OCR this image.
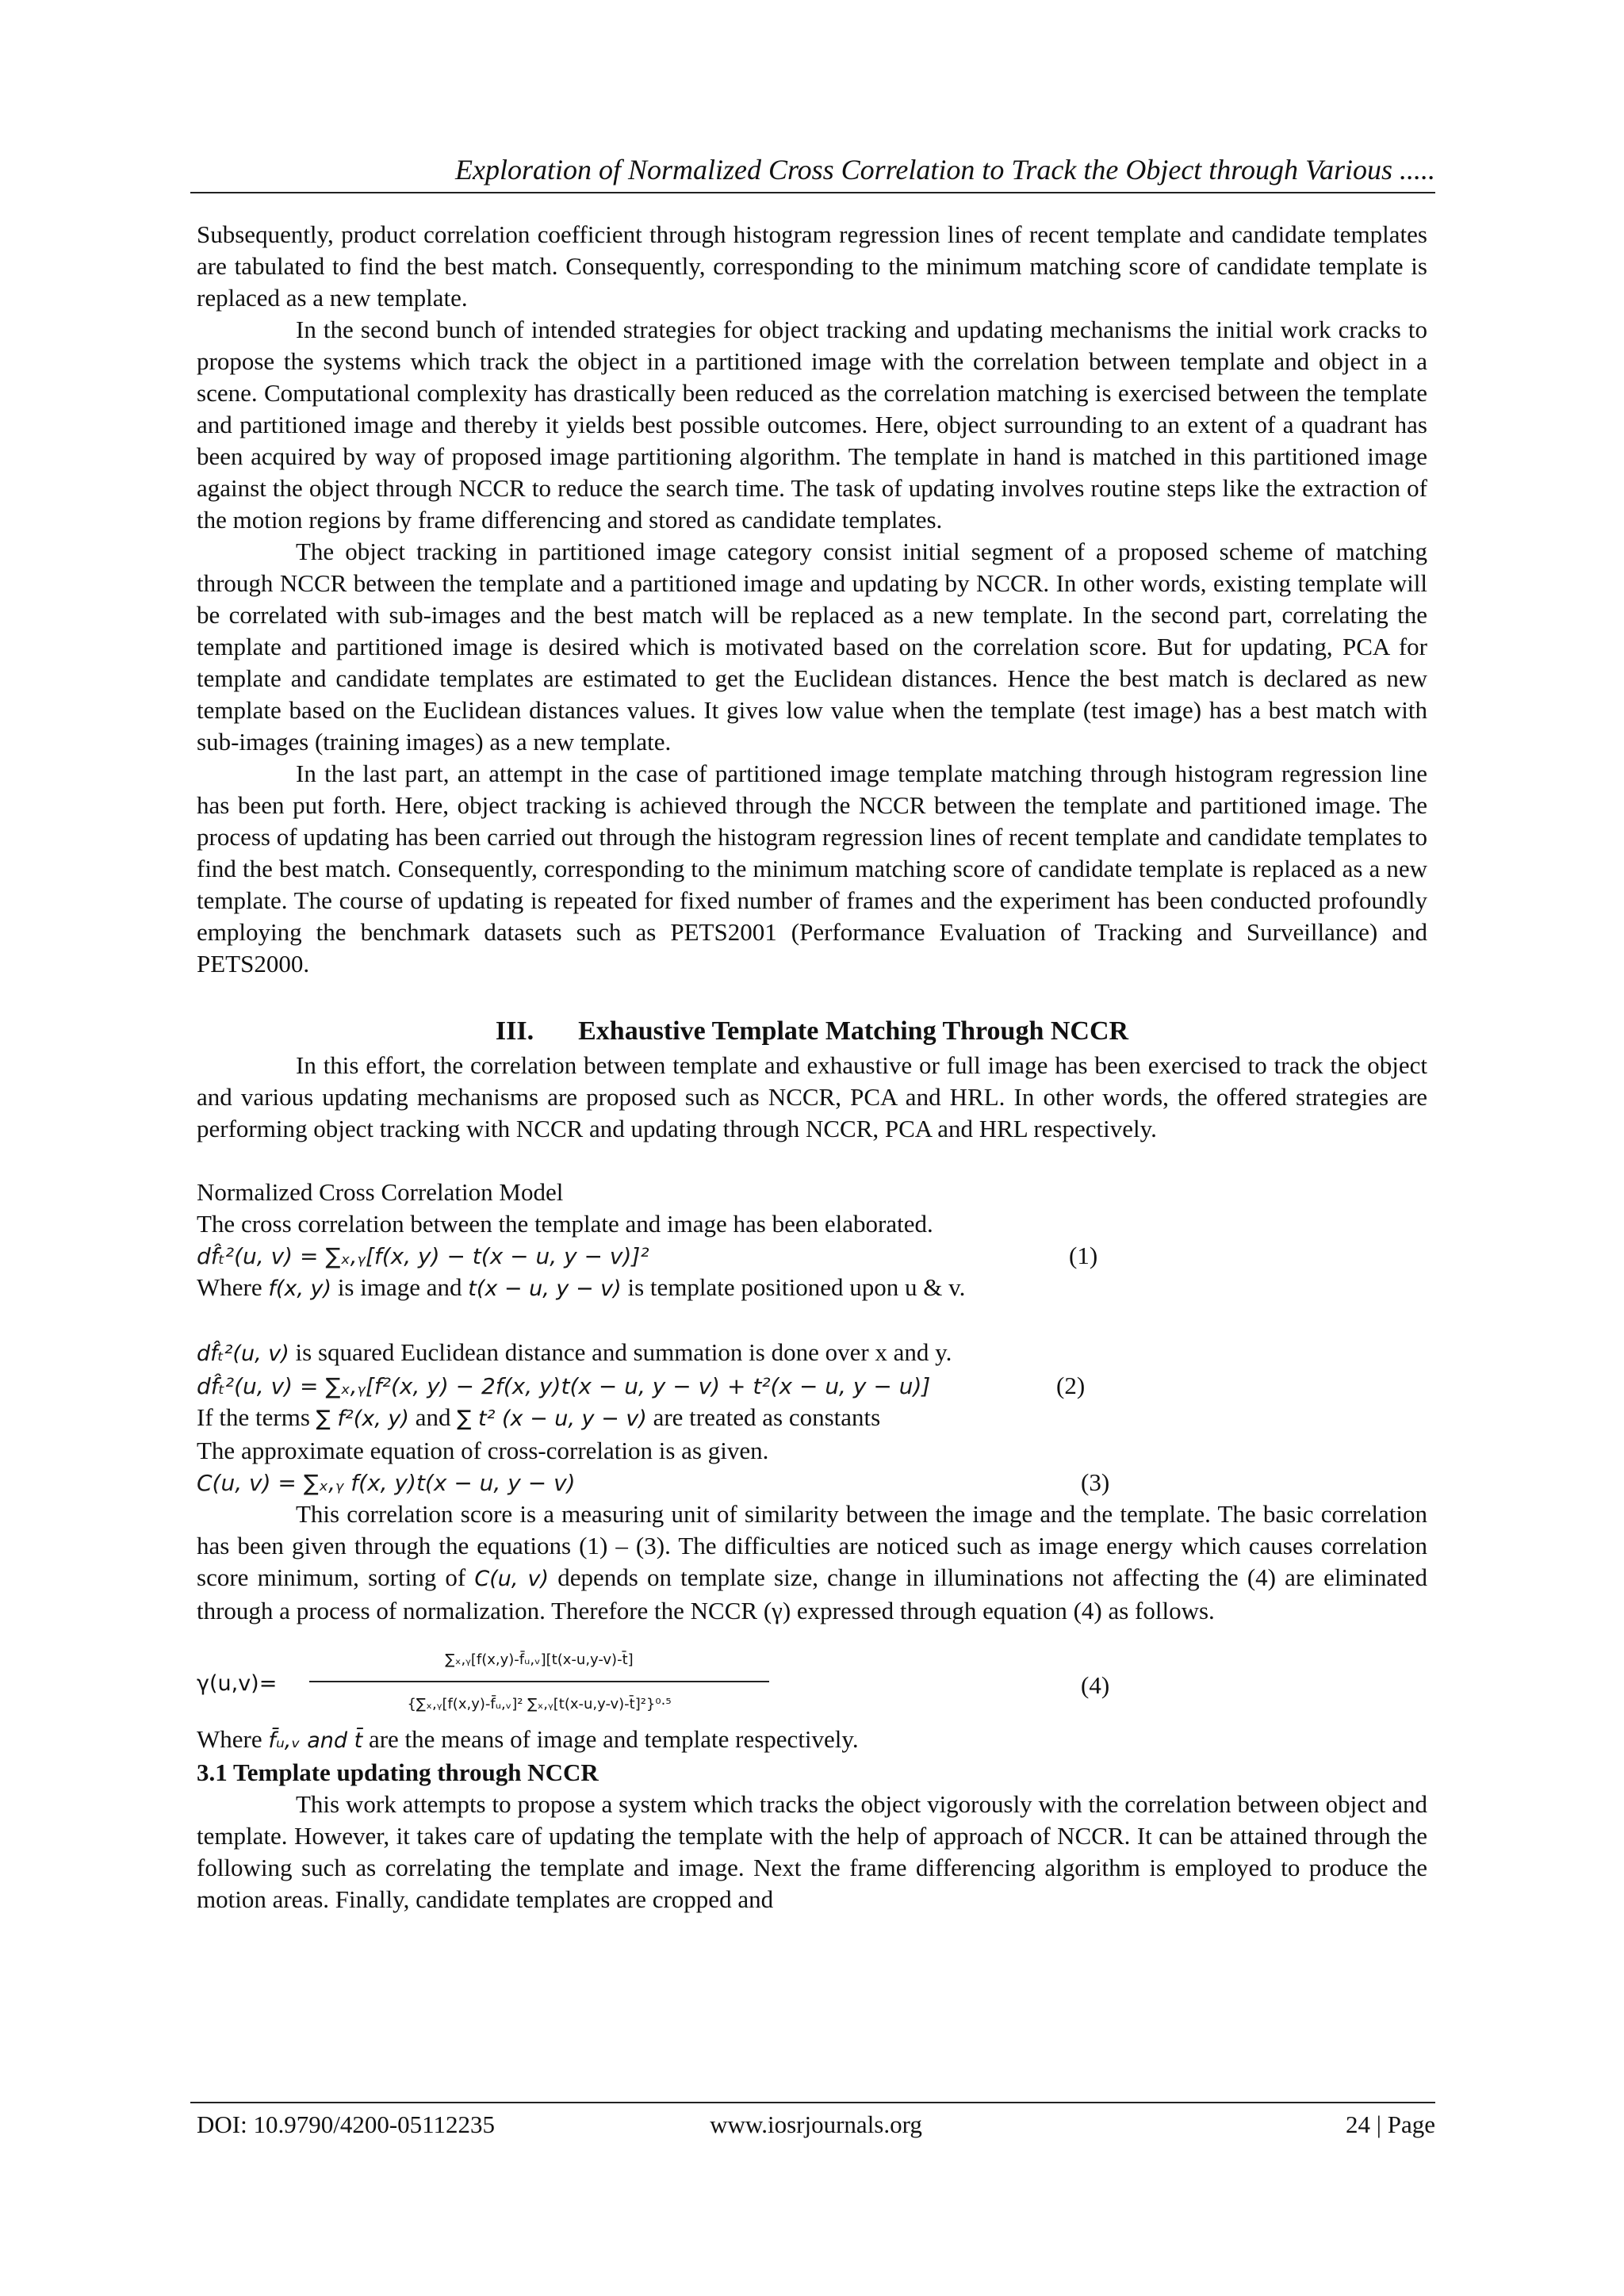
Exploration of Normalized Cross Correlation to Track the Object through Various .....

Subsequently, product correlation coefficient through histogram regression lines of recent template and candidate templates are tabulated to find the best match. Consequently, corresponding to the minimum matching score of candidate template is replaced as a new template.

In the second bunch of intended strategies for object tracking and updating mechanisms the initial work cracks to propose the systems which track the object in a partitioned image with the correlation between template and object in a scene. Computational complexity has drastically been reduced as the correlation matching is exercised between the template and partitioned image and thereby it yields best possible outcomes. Here, object surrounding to an extent of a quadrant has been acquired by way of proposed image partitioning algorithm. The template in hand is matched in this partitioned image against the object through NCCR to reduce the search time. The task of updating involves routine steps like the extraction of the motion regions by frame differencing and stored as candidate templates.

The object tracking in partitioned image category consist initial segment of a proposed scheme of matching through NCCR between the template and a partitioned image and updating by NCCR. In other words, existing template will be correlated with sub-images and the best match will be replaced as a new template. In the second part, correlating the template and partitioned image is desired which is motivated based on the correlation score. But for updating, PCA for template and candidate templates are estimated to get the Euclidean distances. Hence the best match is declared as new template based on the Euclidean distances values. It gives low value when the template (test image) has a best match with sub-images (training images) as a new template.

In the last part, an attempt in the case of partitioned image template matching through histogram regression line has been put forth. Here, object tracking is achieved through the NCCR between the template and partitioned image. The process of updating has been carried out through the histogram regression lines of recent template and candidate templates to find the best match. Consequently, corresponding to the minimum matching score of candidate template is replaced as a new template. The course of updating is repeated for fixed number of frames and the experiment has been conducted profoundly employing the benchmark datasets such as PETS2001 (Performance Evaluation of Tracking and Surveillance) and PETS2000.

III. Exhaustive Template Matching Through NCCR

In this effort, the correlation between template and exhaustive or full image has been exercised to track the object and various updating mechanisms are proposed such as NCCR, PCA and HRL. In other words, the offered strategies are performing object tracking with NCCR and updating through NCCR, PCA and HRL respectively.

Normalized Cross Correlation Model

The cross correlation between the template and image has been elaborated.

df̂ₜ²(u, v) = ∑ₓ,ᵧ[f(x, y) − t(x − u, y − v)]²	(1)

Where f(x, y) is image and t(x − u, y − v) is template positioned upon u & v.

df̂ₜ²(u, v) is squared Euclidean distance and summation is done over x and y.

df̂ₜ²(u, v) = ∑ₓ,ᵧ[f²(x, y) − 2f(x, y)t(x − u, y − v) + t²(x − u, y − u)]	(2)

If the terms ∑ f²(x, y) and ∑ t² (x − u, y − v) are treated as constants

The approximate equation of cross-correlation is as given.

C(u, v) = ∑ₓ,ᵧ f(x, y)t(x − u, y − v)	(3)

This correlation score is a measuring unit of similarity between the image and the template. The basic correlation has been given through the equations (1) – (3). The difficulties are noticed such as image energy which causes correlation score minimum, sorting of C(u, v) depends on template size, change in illuminations not affecting the (4) are eliminated through a process of normalization. Therefore the NCCR (γ) expressed through equation (4) as follows.

$\gamma(u,v)= \frac{\text{∑ₓ,ᵧ[f(x,y)-f̄ᵤ,ᵥ][t(x-u,y-v)-t̄]}}{\text{\{∑ₓ,ᵧ[f(x,y)-f̄ᵤ,ᵥ]² ∑ₓ,ᵧ[t(x-u,y-v)-t̄]²\}⁰·⁵}}$	(4)

Where f̄ᵤ,ᵥ and t̄ are the means of image and template respectively.

3.1 Template updating through NCCR

This work attempts to propose a system which tracks the object vigorously with the correlation between object and template. However, it takes care of updating the template with the help of approach of NCCR. It can be attained through the following such as correlating the template and image. Next the frame differencing algorithm is employed to produce the motion areas. Finally, candidate templates are cropped and

DOI: 10.9790/4200-05112235	www.iosrjournals.org	24 | Page
